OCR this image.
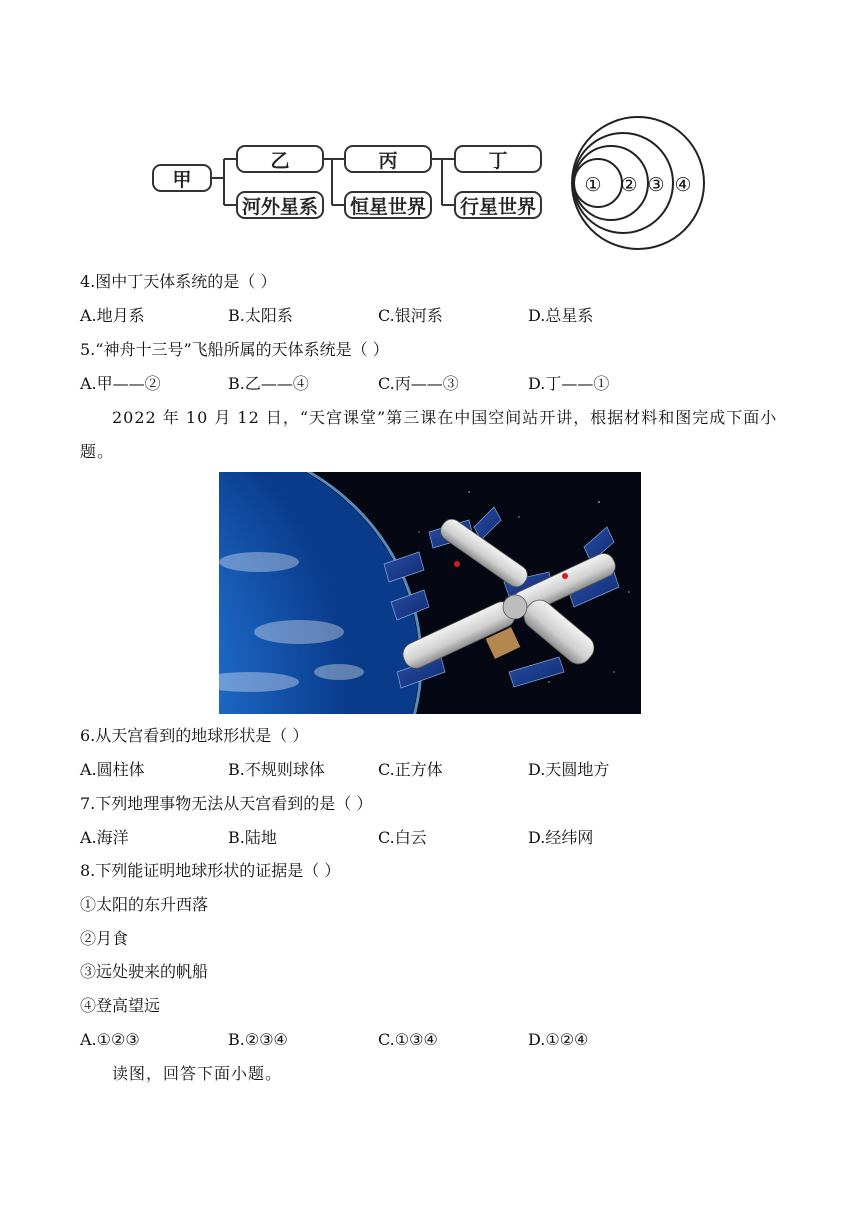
甲
乙	丙	丁
河外星系	恒星世界	行星世界
① ② ③ ④
4.图中丁天体系统的是（ ）
A.地月系	B.太阳系	C.银河系	D.总星系
5.“神舟十三号”飞船所属的天体系统是（ ）
A.甲——②	B.乙——④	C.丙——③	D.丁——①
2022 年 10 月 12 日，“天宫课堂”第三课在中国空间站开讲，根据材料和图完成下面小题。
6.从天宫看到的地球形状是（ ）
A.圆柱体	B.不规则球体	C.正方体	D.天圆地方
7.下列地理事物无法从天宫看到的是（ ）
A.海洋	B.陆地	C.白云	D.经纬网
8.下列能证明地球形状的证据是（ ）
①太阳的东升西落
②月食
③远处驶来的帆船
④登高望远
A.①②③	B.②③④	C.①③④	D.①②④
读图，回答下面小题。
